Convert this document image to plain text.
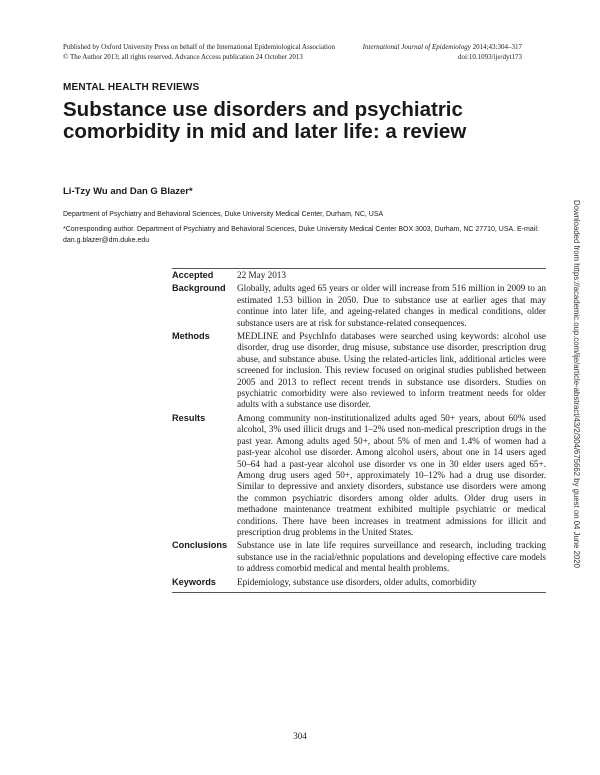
Published by Oxford University Press on behalf of the International Epidemiological Association
© The Author 2013; all rights reserved. Advance Access publication 24 October 2013
International Journal of Epidemiology 2014;43:304–317
doi:10.1093/ije/dyt173
MENTAL HEALTH REVIEWS
Substance use disorders and psychiatric comorbidity in mid and later life: a review
Li-Tzy Wu and Dan G Blazer*
Department of Psychiatry and Behavioral Sciences, Duke University Medical Center, Durham, NC, USA
*Corresponding author. Department of Psychiatry and Behavioral Sciences, Duke University Medical Center BOX 3003, Durham, NC 27710, USA. E-mail: dan.g.blazer@dm.duke.edu
Accepted	22 May 2013
Background	Globally, adults aged 65 years or older will increase from 516 million in 2009 to an estimated 1.53 billion in 2050. Due to substance use at earlier ages that may continue into later life, and ageing-related changes in medical conditions, older substance users are at risk for substance-related consequences.
Methods	MEDLINE and PsychInfo databases were searched using keywords: alcohol use disorder, drug use disorder, drug misuse, substance use disorder, prescription drug abuse, and substance abuse. Using the related-articles link, additional articles were screened for inclusion. This review focused on original studies published between 2005 and 2013 to reflect recent trends in substance use disorders. Studies on psychiatric comorbidity were also reviewed to inform treatment needs for older adults with a substance use disorder.
Results	Among community non-institutionalized adults aged 50+ years, about 60% used alcohol, 3% used illicit drugs and 1–2% used non-medical prescription drugs in the past year. Among adults aged 50+, about 5% of men and 1.4% of women had a past-year alcohol use disorder. Among alcohol users, about one in 14 users aged 50–64 had a past-year alcohol use disorder vs one in 30 elder users aged 65+. Among drug users aged 50+, approximately 10–12% had a drug use disorder. Similar to depressive and anxiety disorders, substance use disorders were among the common psychiatric disorders among older adults. Older drug users in methadone maintenance treatment exhibited multiple psychiatric or medical conditions. There have been increases in treatment admissions for illicit and prescription drug problems in the United States.
Conclusions	Substance use in late life requires surveillance and research, including tracking substance use in the racial/ethnic populations and developing effective care models to address comorbid medical and mental health problems.
Keywords	Epidemiology, substance use disorders, older adults, comorbidity
Downloaded from https://academic.oup.com/ije/article-abstract/43/2/304/675662 by guest on 04 June 2020
304
